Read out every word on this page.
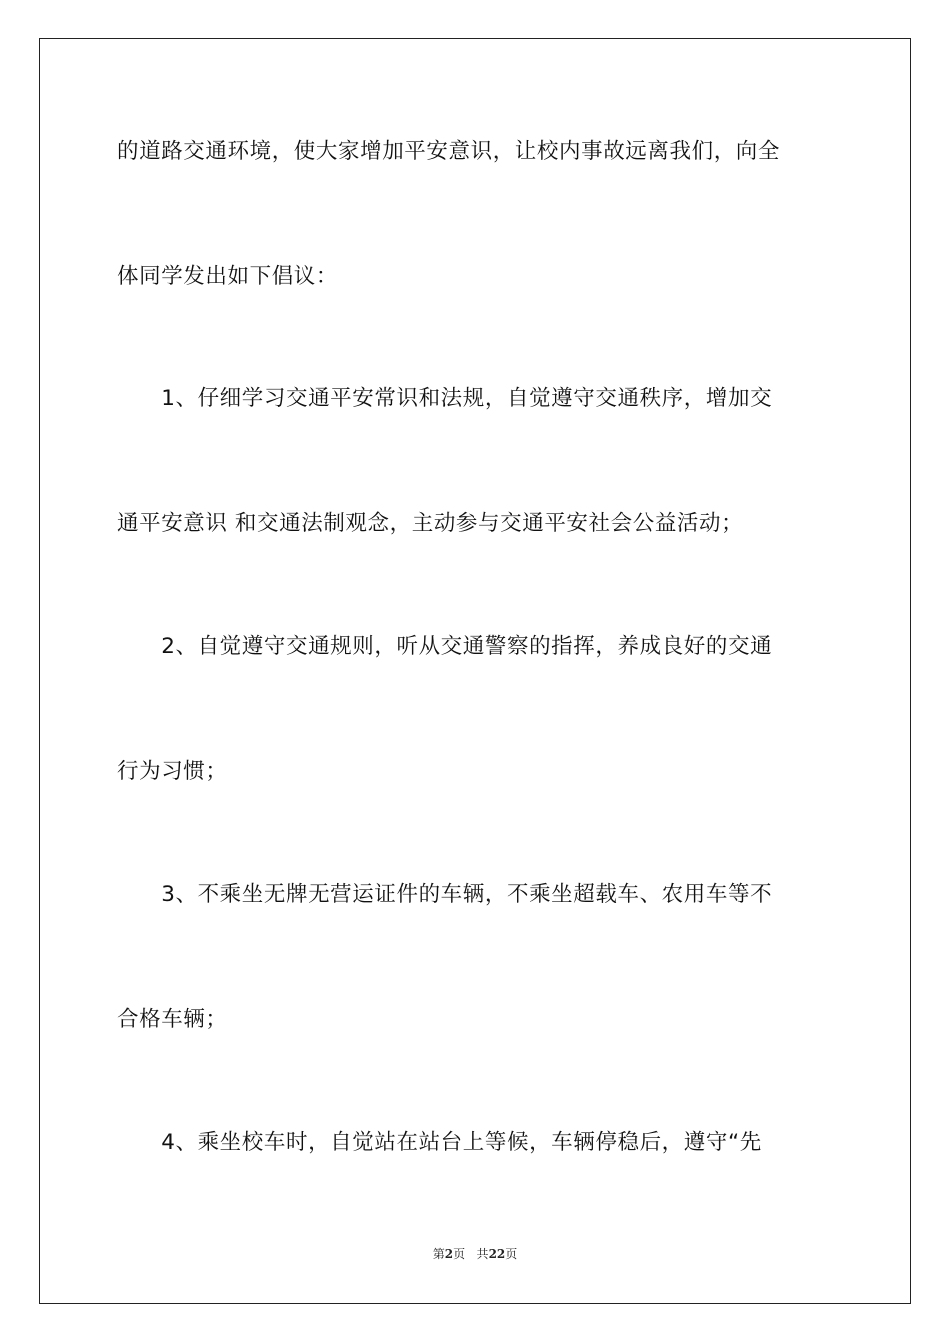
的道路交通环境，使大家增加平安意识，让校内事故远离我们，向全
体同学发出如下倡议：
　　1、仔细学习交通平安常识和法规，自觉遵守交通秩序，增加交
通平安意识 和交通法制观念，主动参与交通平安社会公益活动；
　　2、自觉遵守交通规则，听从交通警察的指挥，养成良好的交通
行为习惯；
　　3、不乘坐无牌无营运证件的车辆，不乘坐超载车、农用车等不
合格车辆；
　　4、乘坐校车时，自觉站在站台上等候，车辆停稳后，遵守“先
第2页 共22页
